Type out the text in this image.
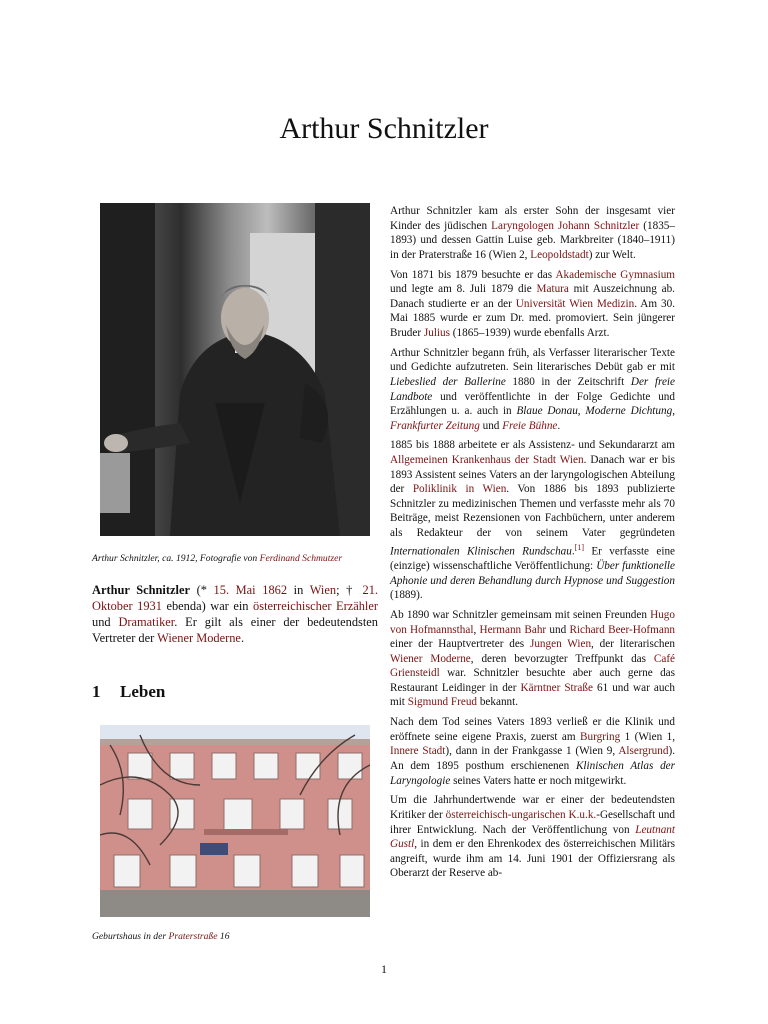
Arthur Schnitzler
Arthur Schnitzler, ca. 1912, Fotografie von Ferdinand Schmutzer
Arthur Schnitzler (* 15. Mai 1862 in Wien; † 21. Oktober 1931 ebenda) war ein österreichischer Erzähler und Dramatiker. Er gilt als einer der bedeutendsten Vertreter der Wiener Moderne.
1 Leben
Geburtshaus in der Praterstraße 16

Arthur Schnitzler kam als erster Sohn der insgesamt vier Kinder des jüdischen Laryngologen Johann Schnitzler (1835–1893) und dessen Gattin Luise geb. Markbreiter (1840–1911) in der Praterstraße 16 (Wien 2, Leopoldstadt) zur Welt.

Von 1871 bis 1879 besuchte er das Akademische Gymnasium und legte am 8. Juli 1879 die Matura mit Auszeichnung ab. Danach studierte er an der Universität Wien Medizin. Am 30. Mai 1885 wurde er zum Dr. med. promoviert. Sein jüngerer Bruder Julius (1865–1939) wurde ebenfalls Arzt.

Arthur Schnitzler begann früh, als Verfasser literarischer Texte und Gedichte aufzutreten. Sein literarisches Debüt gab er mit Liebeslied der Ballerine 1880 in der Zeitschrift Der freie Landbote und veröffentlichte in der Folge Gedichte und Erzählungen u. a. auch in Blaue Donau, Moderne Dichtung, Frankfurter Zeitung und Freie Bühne.

1885 bis 1888 arbeitete er als Assistenz- und Sekundararzt am Allgemeinen Krankenhaus der Stadt Wien. Danach war er bis 1893 Assistent seines Vaters an der laryngologischen Abteilung der Poliklinik in Wien. Von 1886 bis 1893 publizierte Schnitzler zu medizinischen Themen und verfasste mehr als 70 Beiträge, meist Rezensionen von Fachbüchern, unter anderem als Redakteur der von seinem Vater gegründeten Internationalen Klinischen Rundschau.[1] Er verfasste eine (einzige) wissenschaftliche Veröffentlichung: Über funktionelle Aphonie und deren Behandlung durch Hypnose und Suggestion (1889).

Ab 1890 war Schnitzler gemeinsam mit seinen Freunden Hugo von Hofmannsthal, Hermann Bahr und Richard Beer-Hofmann einer der Hauptvertreter des Jungen Wien, der literarischen Wiener Moderne, deren bevorzugter Treffpunkt das Café Griensteidl war. Schnitzler besuchte aber auch gerne das Restaurant Leidinger in der Kärntner Straße 61 und war auch mit Sigmund Freud bekannt.

Nach dem Tod seines Vaters 1893 verließ er die Klinik und eröffnete seine eigene Praxis, zuerst am Burgring 1 (Wien 1, Innere Stadt), dann in der Frankgasse 1 (Wien 9, Alsergrund). An dem 1895 posthum erschienenen Klinischen Atlas der Laryngologie seines Vaters hatte er noch mitgewirkt.

Um die Jahrhundertwende war er einer der bedeutendsten Kritiker der österreichisch-ungarischen K.u.k.-Gesellschaft und ihrer Entwicklung. Nach der Veröffentlichung von Leutnant Gustl, in dem er den Ehrenkodex des österreichischen Militärs angreift, wurde ihm am 14. Juni 1901 der Offiziersrang als Oberarzt der Reserve ab-

1
